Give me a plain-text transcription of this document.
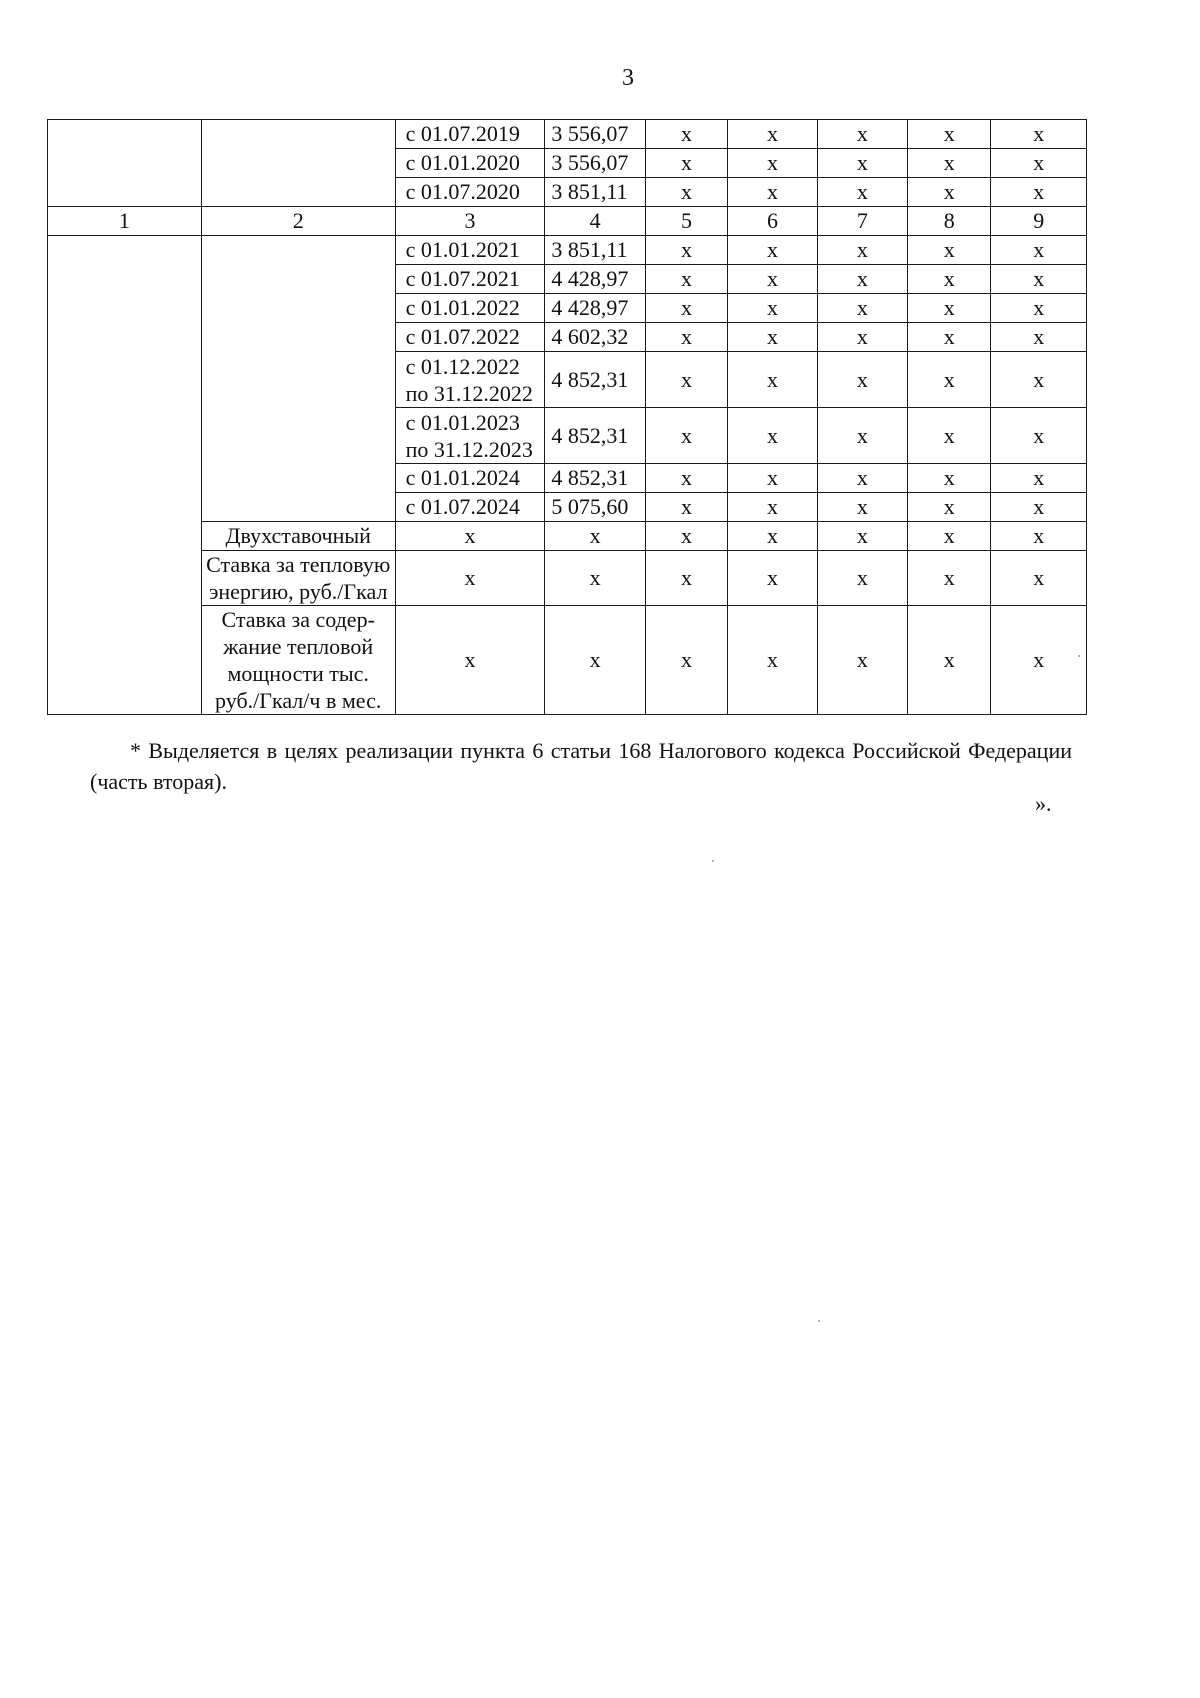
3
		с 01.07.2019	3 556,07	х	х	х	х	х
		с 01.01.2020	3 556,07	х	х	х	х	х
		с 01.07.2020	3 851,11	х	х	х	х	х
1	2	3	4	5	6	7	8	9
		с 01.01.2021	3 851,11	х	х	х	х	х
		с 01.07.2021	4 428,97	х	х	х	х	х
		с 01.01.2022	4 428,97	х	х	х	х	х
		с 01.07.2022	4 602,32	х	х	х	х	х

		с 01.12.2022
по 31.12.2022	4 852,31	х	х	х	х	х

		с 01.01.2023
по 31.12.2023	4 852,31	х	х	х	х	х
		с 01.01.2024	4 852,31	х	х	х	х	х
		с 01.07.2024	5 075,60	х	х	х	х	х
	Двухставочный	х	х	х	х	х	х	х
	Ставка за тепловую энергию, руб./Гкал	х	х	х	х	х	х	х
	Ставка за содер-жание тепловой мощности тыс. руб./Гкал/ч в мес.	х	х	х	х	х	х	х
* Выделяется в целях реализации пункта 6 статьи 168 Налогового кодекса Российской Федерации (часть вторая).
».
